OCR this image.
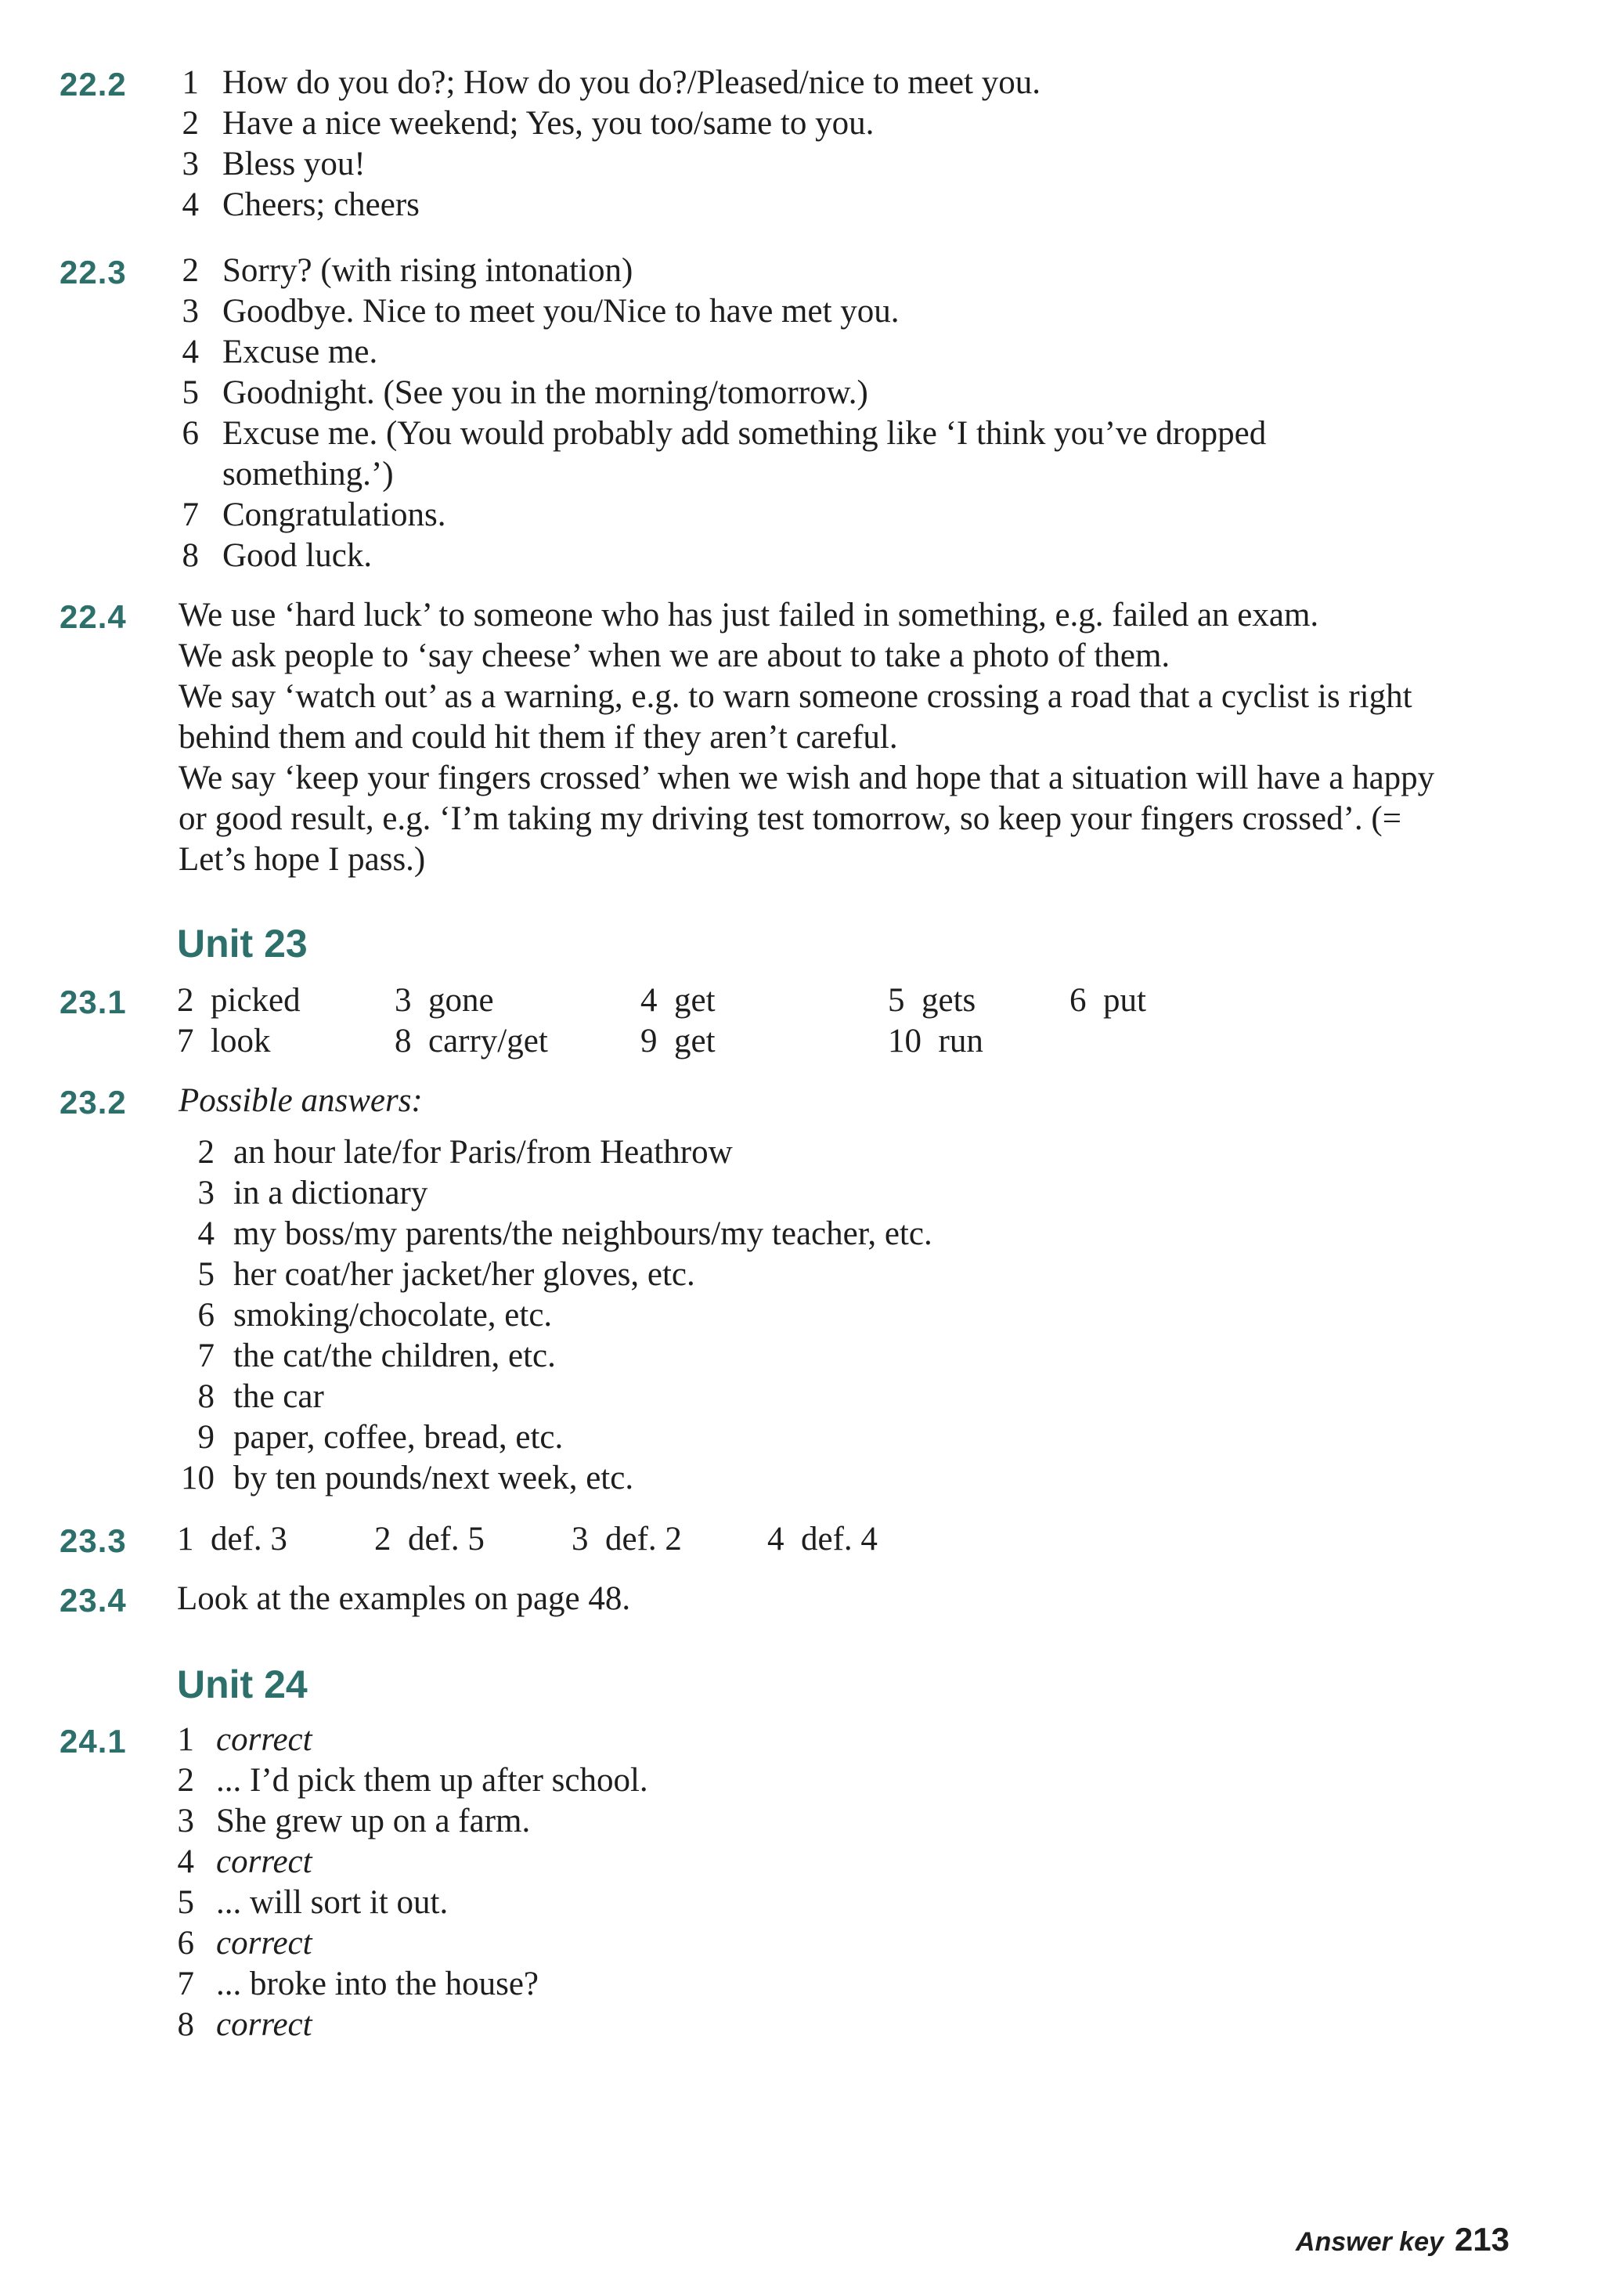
22.2	1 How do you do?; How do you do?/Pleased/nice to meet you.
2 Have a nice weekend; Yes, you too/same to you.
3 Bless you!
4 Cheers; cheers
22.3	2 Sorry? (with rising intonation)
3 Goodbye. Nice to meet you/Nice to have met you.
4 Excuse me.
5 Goodnight. (See you in the morning/tomorrow.)
6 Excuse me. (You would probably add something like ‘I think you’ve dropped
something.’)
7 Congratulations.
8 Good luck.
22.4 We use ‘hard luck’ to someone who has just failed in something, e.g. failed an exam.
We ask people to ‘say cheese’ when we are about to take a photo of them.
We say ‘watch out’ as a warning, e.g. to warn someone crossing a road that a cyclist is right behind them and could hit them if they aren’t careful.
We say ‘keep your fingers crossed’ when we wish and hope that a situation will have a happy or good result, e.g. ‘I’m taking my driving test tomorrow, so keep your fingers crossed’. (= Let’s hope I pass.)
Unit 23
23.1 2 picked	3 gone	4 get	5 gets	6 put
7 look	8 carry/get	9 get	10 run
23.2 Possible answers:
2 an hour late/for Paris/from Heathrow
3 in a dictionary
4 my boss/my parents/the neighbours/my teacher, etc.
5 her coat/her jacket/her gloves, etc.
6 smoking/chocolate, etc.
7 the cat/the children, etc.
8 the car
9 paper, coffee, bread, etc.
10 by ten pounds/next week, etc.
23.3 1 def. 3	2 def. 5	3 def. 2	4 def. 4
23.4 Look at the examples on page 48.
Unit 24
24.1	1 correct
2 ... I’d pick them up after school.
3 She grew up on a farm.
4 correct
5 ... will sort it out.
6 correct
7 ... broke into the house?
8 correct
Answer key 213
